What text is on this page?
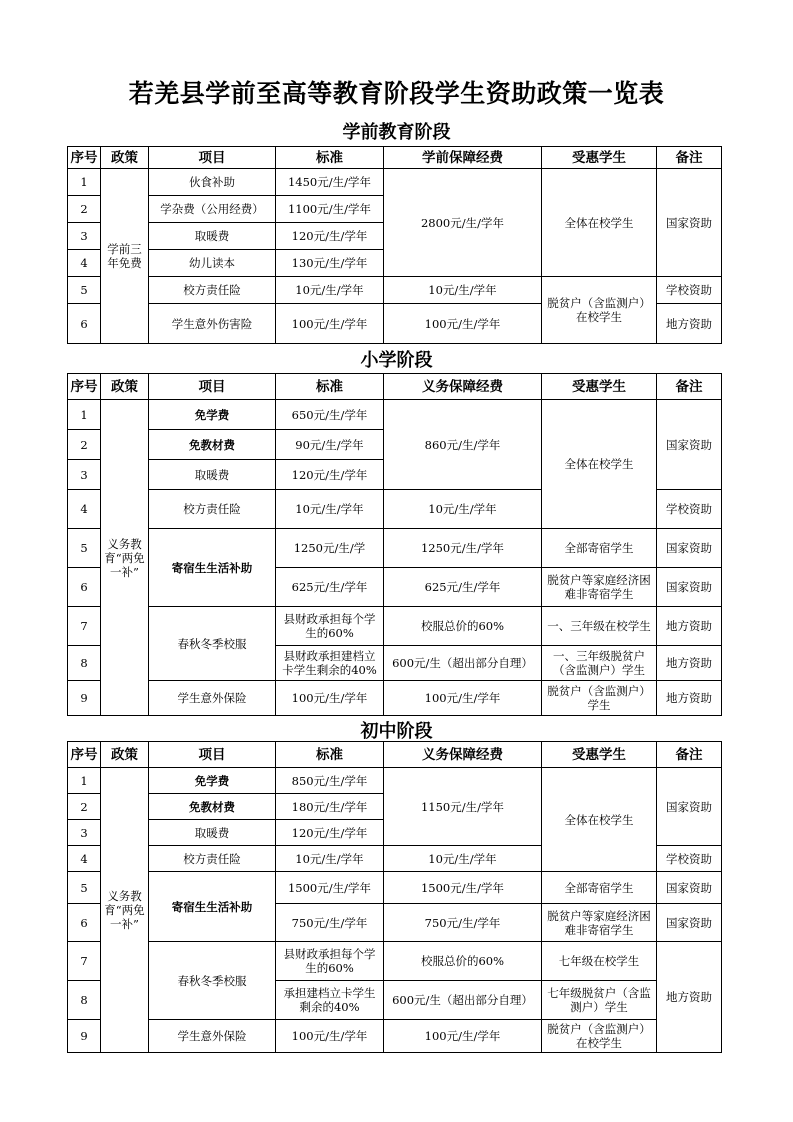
若羌县学前至高等教育阶段学生资助政策一览表
学前教育阶段
序号	政策	项目	标准	学前保障经费	受惠学生	备注
1	学前三年免费	伙食补助	1450元/生/学年	2800元/生/学年	全体在校学生	国家资助
2		学杂费（公用经费）	1100元/生/学年			
3		取暖费	120元/生/学年			
4		幼儿读本	130元/生/学年			
5		校方责任险	10元/生/学年	10元/生/学年	脱贫户（含监测户）在校学生	学校资助
6		学生意外伤害险	100元/生/学年	100元/生/学年		地方资助
小学阶段
序号	政策	项目	标准	义务保障经费	受惠学生	备注
1	义务教育“两免一补”	免学费	650元/生/学年	860元/生/学年	全体在校学生	国家资助
2		免教材费	90元/生/学年			
3		取暖费	120元/生/学年			
4		校方责任险	10元/生/学年	10元/生/学年		学校资助
5		寄宿生生活补助	1250元/生/学	1250元/生/学年	全部寄宿学生	国家资助
6			625元/生/学年	625元/生/学年	脱贫户等家庭经济困难非寄宿学生	国家资助
7		春秋冬季校服	县财政承担每个学生的60%	校服总价的60%	一、三年级在校学生	地方资助
8			县财政承担建档立卡学生剩余的40%	600元/生（超出部分自理）	一、三年级脱贫户（含监测户）学生	地方资助
9		学生意外保险	100元/生/学年	100元/生/学年	脱贫户（含监测户）学生	地方资助
初中阶段
序号	政策	项目	标准	义务保障经费	受惠学生	备注
1	义务教育“两免一补”	免学费	850元/生/学年	1150元/生/学年	全体在校学生	国家资助
2		免教材费	180元/生/学年			
3		取暖费	120元/生/学年			
4		校方责任险	10元/生/学年	10元/生/学年		学校资助
5		寄宿生生活补助	1500元/生/学年	1500元/生/学年	全部寄宿学生	国家资助
6			750元/生/学年	750元/生/学年	脱贫户等家庭经济困难非寄宿学生	国家资助
7		春秋冬季校服	县财政承担每个学生的60%	校服总价的60%	七年级在校学生	地方资助
8			承担建档立卡学生剩余的40%	600元/生（超出部分自理）	七年级脱贫户（含监测户）学生	
9		学生意外保险	100元/生/学年	100元/生/学年	脱贫户（含监测户）在校学生	
